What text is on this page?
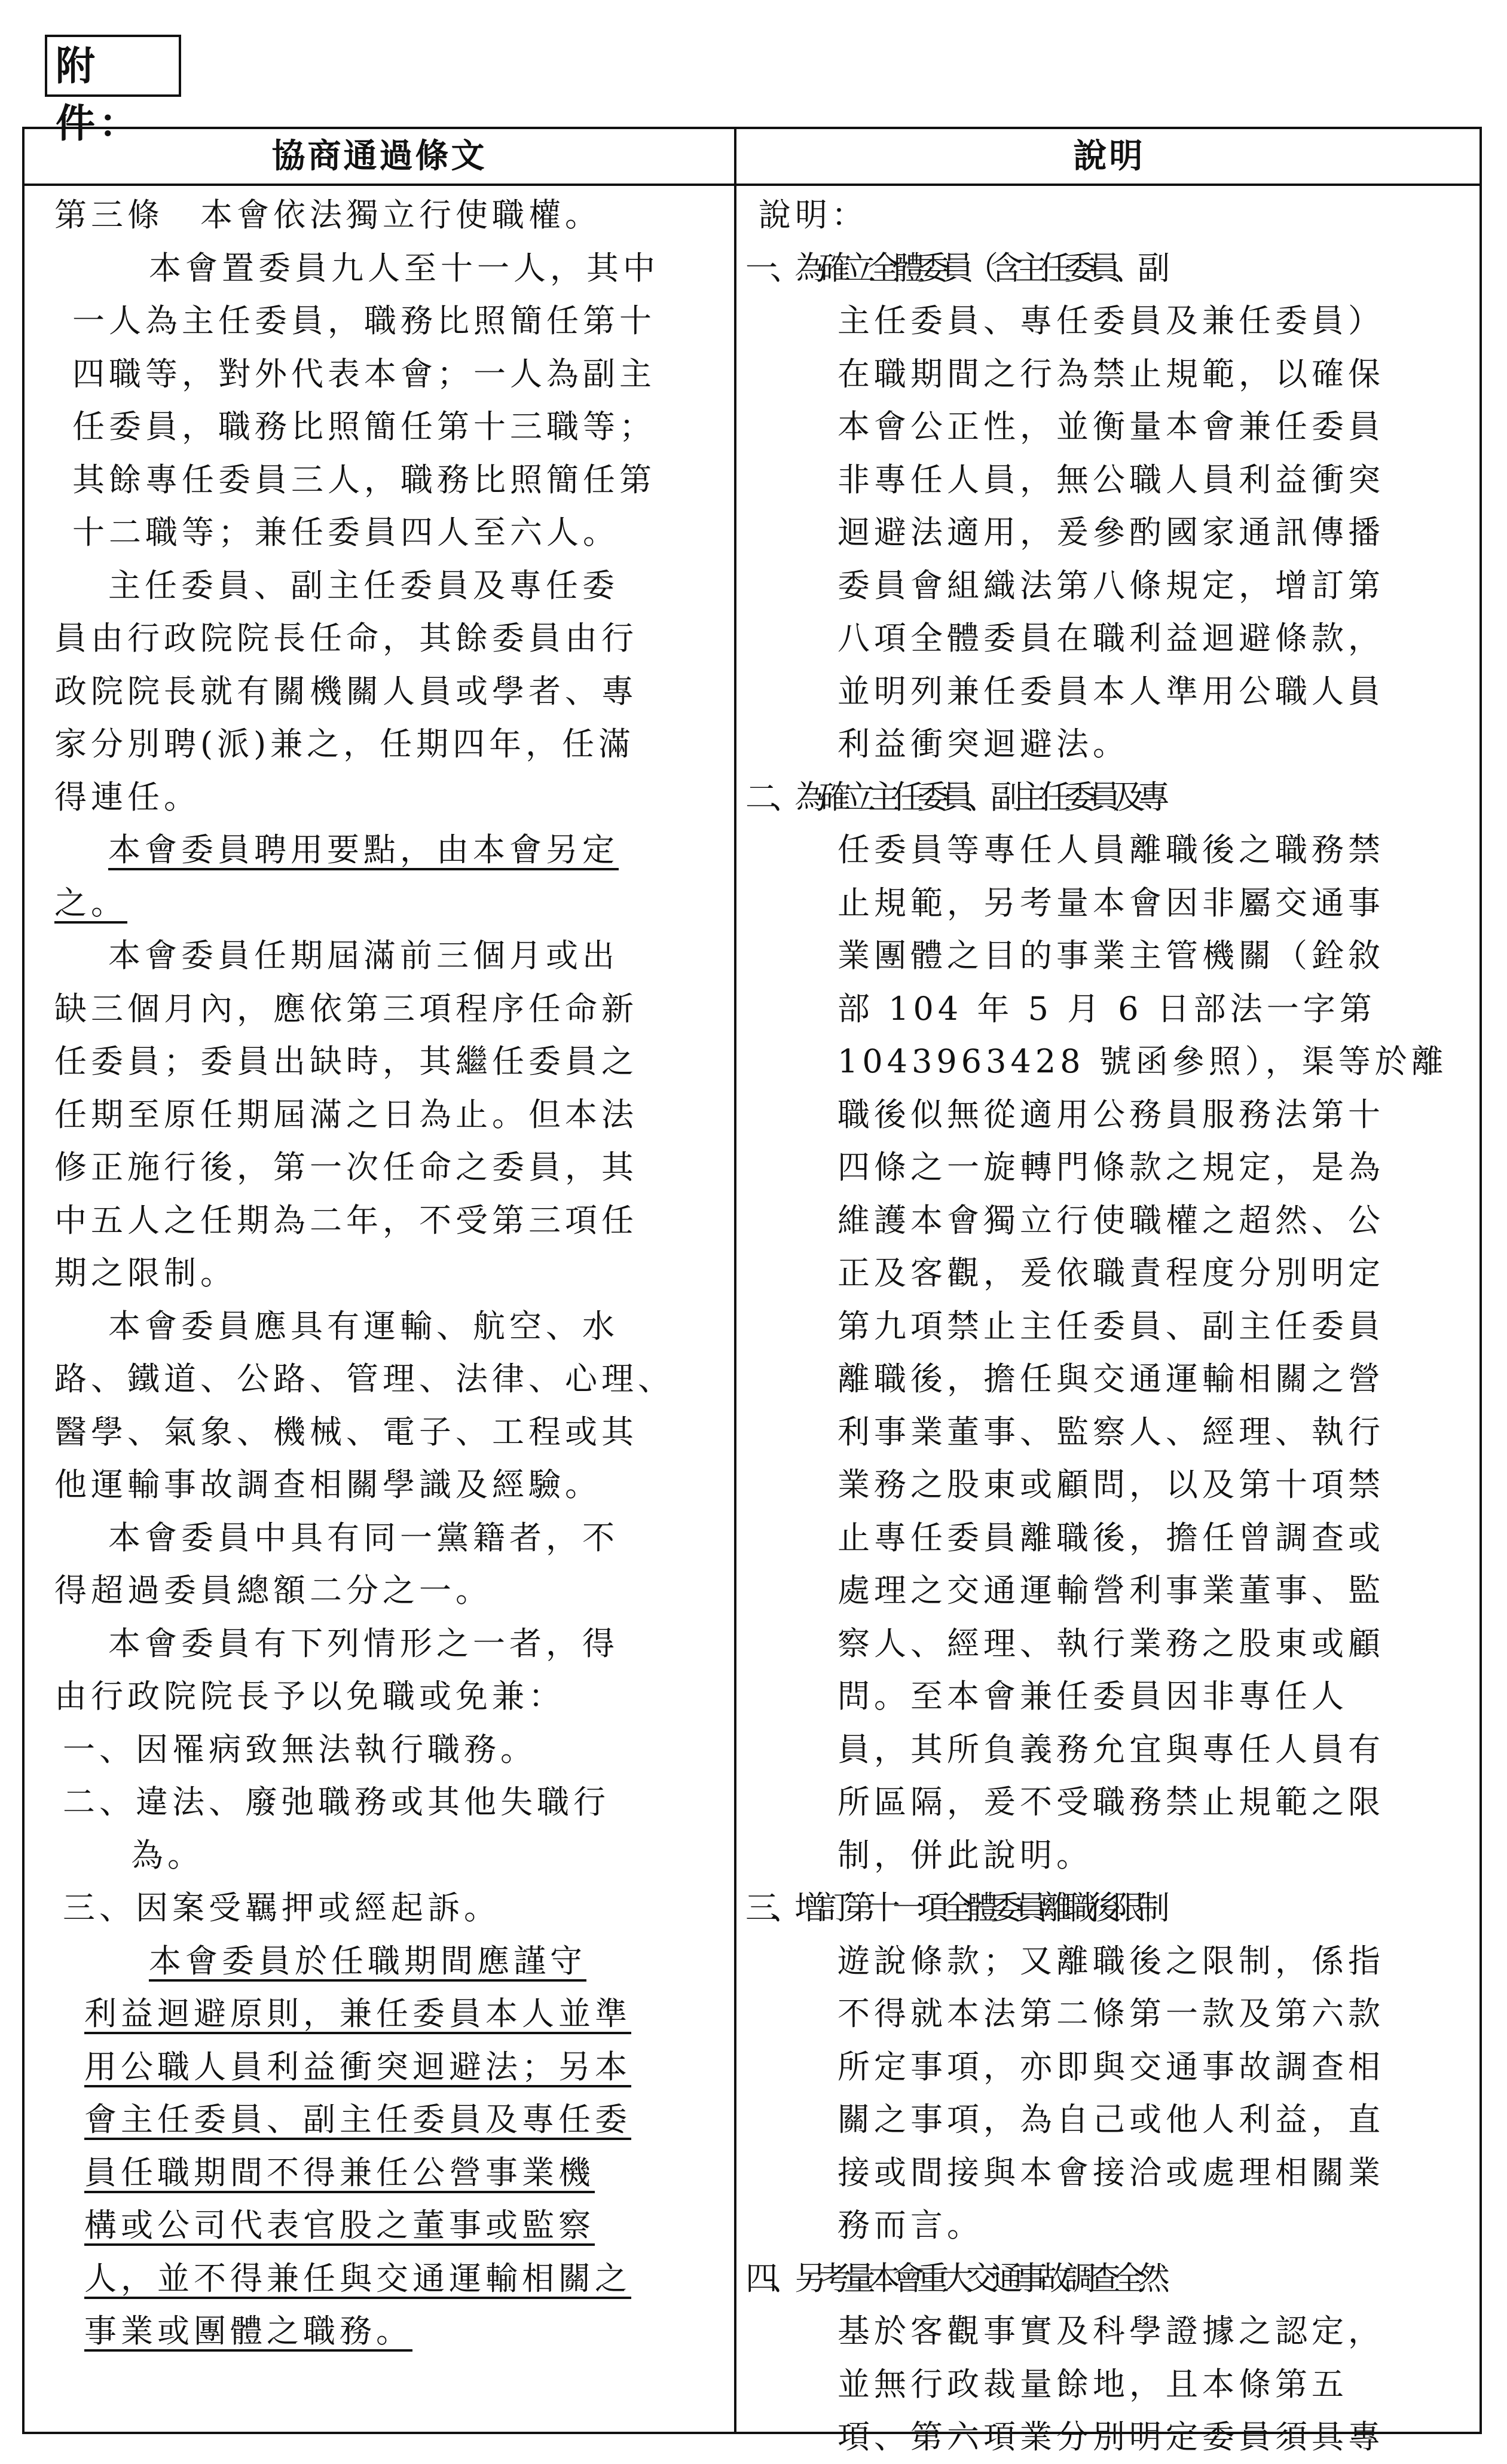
附件：
協商通過條文	說明
第三條　本會依法獨立行使職權。
本會置委員九人至十一人，其中
一人為主任委員，職務比照簡任第十
四職等，對外代表本會；一人為副主
任委員，職務比照簡任第十三職等；
其餘專任委員三人，職務比照簡任第
十二職等；兼任委員四人至六人。
主任委員、副主任委員及專任委
員由行政院院長任命，其餘委員由行
政院院長就有關機關人員或學者、專
家分別聘(派)兼之，任期四年，任滿
得連任。
本會委員聘用要點，由本會另定
之。
本會委員任期屆滿前三個月或出
缺三個月內，應依第三項程序任命新
任委員；委員出缺時，其繼任委員之
任期至原任期屆滿之日為止。但本法
修正施行後，第一次任命之委員，其
中五人之任期為二年，不受第三項任
期之限制。
本會委員應具有運輸、航空、水
路、鐵道、公路、管理、法律、心理、
醫學、氣象、機械、電子、工程或其
他運輸事故調查相關學識及經驗。
本會委員中具有同一黨籍者，不
得超過委員總額二分之一。
本會委員有下列情形之一者，得
由行政院院長予以免職或免兼：
一、因罹病致無法執行職務。
二、違法、廢弛職務或其他失職行
為。
三、因案受羈押或經起訴。
本會委員於任職期間應謹守
利益迴避原則，兼任委員本人並準
用公職人員利益衝突迴避法；另本
會主任委員、副主任委員及專任委
員任職期間不得兼任公營事業機
構或公司代表官股之董事或監察
人，並不得兼任與交通運輸相關之
事業或團體之職務。
說明：
一、為確立全體委員（含主任委員、副
主任委員、專任委員及兼任委員）
在職期間之行為禁止規範，以確保
本會公正性，並衡量本會兼任委員
非專任人員，無公職人員利益衝突
迴避法適用，爰參酌國家通訊傳播
委員會組織法第八條規定，增訂第
八項全體委員在職利益迴避條款，
並明列兼任委員本人準用公職人員
利益衝突迴避法。
二、為確立主任委員、副主任委員及專
任委員等專任人員離職後之職務禁
止規範，另考量本會因非屬交通事
業團體之目的事業主管機關（銓敘
部 104 年 5 月 6 日部法一字第
1043963428 號函參照），渠等於離
職後似無從適用公務員服務法第十
四條之一旋轉門條款之規定，是為
維護本會獨立行使職權之超然、公
正及客觀，爰依職責程度分別明定
第九項禁止主任委員、副主任委員
離職後，擔任與交通運輸相關之營
利事業董事、監察人、經理、執行
業務之股東或顧問，以及第十項禁
止專任委員離職後，擔任曾調查或
處理之交通運輸營利事業董事、監
察人、經理、執行業務之股東或顧
問。至本會兼任委員因非專任人
員，其所負義務允宜與專任人員有
所區隔，爰不受職務禁止規範之限
制，併此說明。
三、增訂第十一項全體委員離職後限制
遊說條款；又離職後之限制，係指
不得就本法第二條第一款及第六款
所定事項，亦即與交通事故調查相
關之事項，為自己或他人利益，直
接或間接與本會接洽或處理相關業
務而言。
四、另考量本會重大交通事故調查全然
基於客觀事實及科學證據之認定，
並無行政裁量餘地，且本條第五
項、第六項業分別明定委員須具專
